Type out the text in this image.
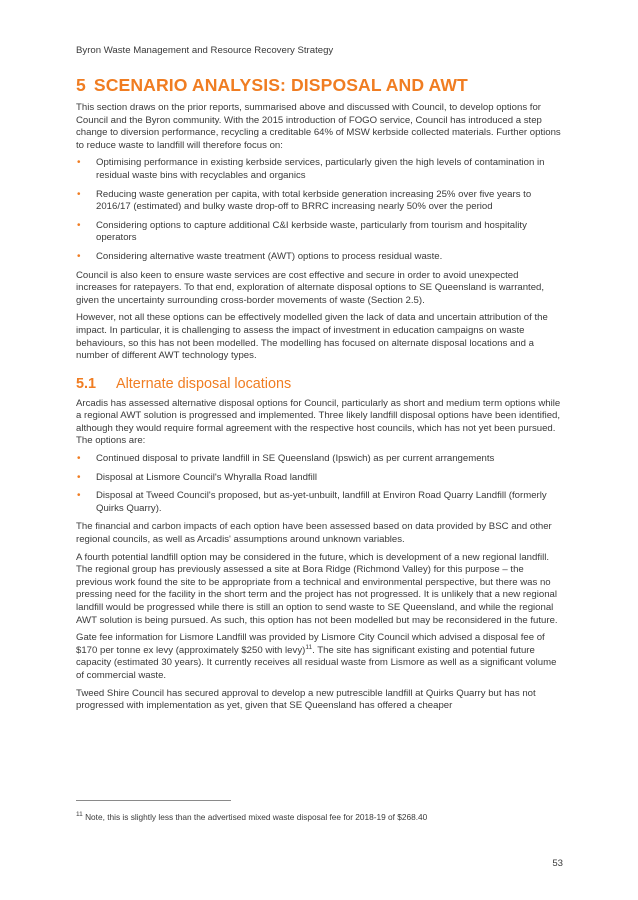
Byron Waste Management and Resource Recovery Strategy
5 SCENARIO ANALYSIS: DISPOSAL AND AWT

This section draws on the prior reports, summarised above and discussed with Council, to develop options for Council and the Byron community. With the 2015 introduction of FOGO service, Council has introduced a step change to diversion performance, recycling a creditable 64% of MSW kerbside collected materials. Further options to reduce waste to landfill will therefore focus on:

• Optimising performance in existing kerbside services, particularly given the high levels of contamination in residual waste bins with recyclables and organics
• Reducing waste generation per capita, with total kerbside generation increasing 25% over five years to 2016/17 (estimated) and bulky waste drop-off to BRRC increasing nearly 50% over the period
• Considering options to capture additional C&I kerbside waste, particularly from tourism and hospitality operators
• Considering alternative waste treatment (AWT) options to process residual waste.

Council is also keen to ensure waste services are cost effective and secure in order to avoid unexpected increases for ratepayers. To that end, exploration of alternate disposal options to SE Queensland is warranted, given the uncertainty surrounding cross-border movements of waste (Section 2.5).

However, not all these options can be effectively modelled given the lack of data and uncertain attribution of the impact. In particular, it is challenging to assess the impact of investment in education campaigns on waste behaviours, so this has not been modelled. The modelling has focused on alternate disposal locations and a number of different AWT technology types.

5.1 Alternate disposal locations

Arcadis has assessed alternative disposal options for Council, particularly as short and medium term options while a regional AWT solution is progressed and implemented. Three likely landfill disposal options have been identified, although they would require formal agreement with the respective host councils, which has not yet been pursued. The options are:

• Continued disposal to private landfill in SE Queensland (Ipswich) as per current arrangements
• Disposal at Lismore Council's Whyralla Road landfill
• Disposal at Tweed Council's proposed, but as-yet-unbuilt, landfill at Environ Road Quarry Landfill (formerly Quirks Quarry).

The financial and carbon impacts of each option have been assessed based on data provided by BSC and other regional councils, as well as Arcadis' assumptions around unknown variables.

A fourth potential landfill option may be considered in the future, which is development of a new regional landfill. The regional group has previously assessed a site at Bora Ridge (Richmond Valley) for this purpose – the previous work found the site to be appropriate from a technical and environmental perspective, but there was no pressing need for the facility in the short term and the project has not progressed. It is unlikely that a new regional landfill would be progressed while there is still an option to send waste to SE Queensland, and while the regional AWT solution is being pursued. As such, this option has not been modelled but may be reconsidered in the future.

Gate fee information for Lismore Landfill was provided by Lismore City Council which advised a disposal fee of $170 per tonne ex levy (approximately $250 with levy)$^{11}$. The site has significant existing and potential future capacity (estimated 30 years). It currently receives all residual waste from Lismore as well as a significant volume of commercial waste.

Tweed Shire Council has secured approval to develop a new putrescible landfill at Quirks Quarry but has not progressed with implementation as yet, given that SE Queensland has offered a cheaper

$^{11}$ Note, this is slightly less than the advertised mixed waste disposal fee for 2018-19 of $268.40
53
